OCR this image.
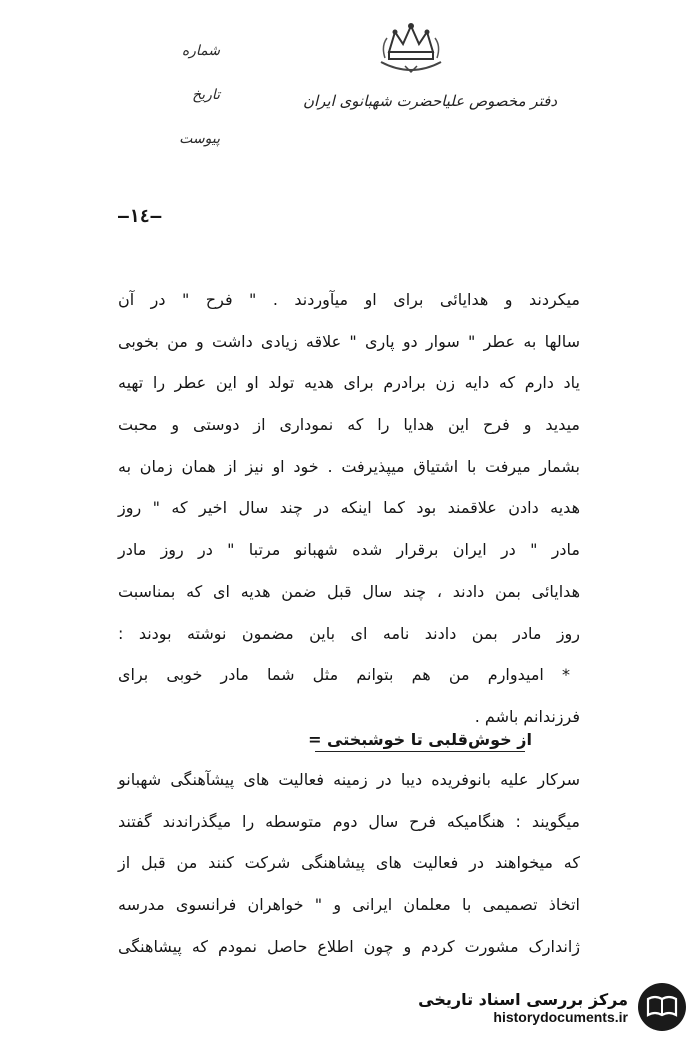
دفتر مخصوص علیاحضرت شهبانوی ایران
شماره
تاریخ
پیوست
—١٤—
میکردند و هدایائی برای او میآوردند . " فرح " در آن
سالها به عطر " سوار دو پاری " علاقه زیادی داشت و من بخوبی
یاد دارم که دایه زن برادرم برای هدیه تولد او این عطر را تهیه
میدید و فرح این هدایا را که نموداری از دوستی و محبت
بشمار میرفت با اشتیاق میپذیرفت . خود او نیز از همان زمان به
هدیه دادن علاقمند بود کما اینکه در چند سال اخیر که " روز
مادر " در ایران برقرار شده شهبانو مرتبا " در روز مادر
هدایائی بمن دادند ، چند سال قبل ضمن هدیه ای که بمناسبت
روز مادر بمن دادند نامه ای باین مضمون نوشته بودند :
* امیدوارم من هم بتوانم مثل شما مادر خوبی برای
فرزندانم باشم .
از خوش‌قلبی تا خوشبختی =
سرکار علیه بانوفریده دیبا در زمینه فعالیت های پیشآهنگی شهبانو
میگویند : هنگامیکه فرح سال دوم متوسطه را میگذراندند گفتند
که میخواهند در فعالیت های پیشاهنگی شرکت کنند من قبل از
اتخاذ تصمیمی با معلمان ایرانی و " خواهران فرانسوی مدرسه
ژاندارک مشورت کردم و چون اطلاع حاصل نمودم که پیشاهنگی
مرکز بررسی اسناد تاریخی
historydocuments.ir
